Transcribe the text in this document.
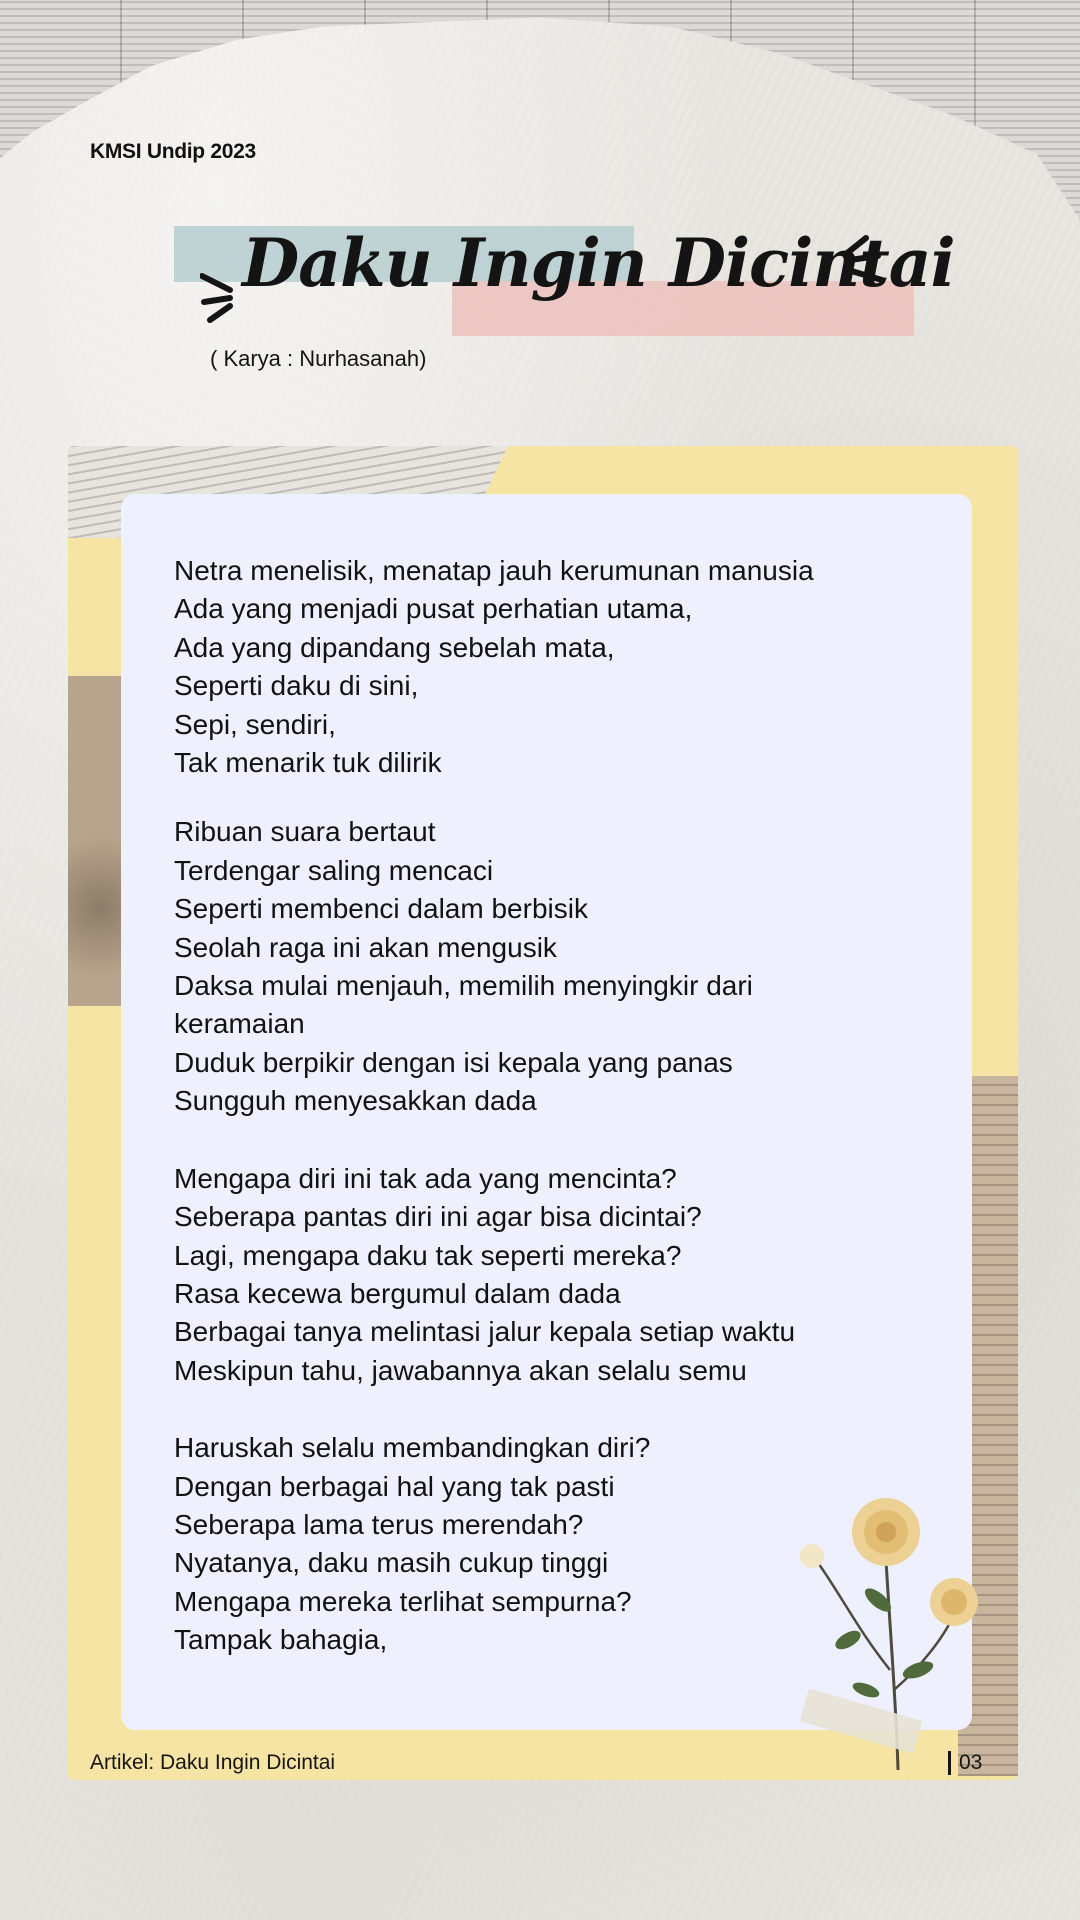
KMSI Undip 2023
Daku Ingin Dicintai
( Karya : Nurhasanah)
Netra menelisik, menatap jauh kerumunan manusia
Ada yang menjadi pusat perhatian utama,
Ada yang dipandang sebelah mata,
Seperti daku di sini,
Sepi, sendiri,
Tak menarik tuk dilirik
Ribuan suara bertaut
Terdengar saling mencaci
Seperti membenci dalam berbisik
Seolah raga ini akan mengusik
Daksa mulai menjauh, memilih menyingkir dari
keramaian
Duduk berpikir dengan isi kepala yang panas
Sungguh menyesakkan dada
Mengapa diri ini tak ada yang mencinta?
Seberapa pantas diri ini agar bisa dicintai?
Lagi, mengapa daku tak seperti mereka?
Rasa kecewa bergumul dalam dada
Berbagai tanya melintasi jalur kepala setiap waktu
Meskipun tahu, jawabannya akan selalu semu
Haruskah selalu membandingkan diri?
Dengan berbagai hal yang tak pasti
Seberapa lama terus merendah?
Nyatanya, daku masih cukup tinggi
Mengapa mereka terlihat sempurna?
Tampak bahagia,
Artikel: Daku Ingin Dicintai	03
